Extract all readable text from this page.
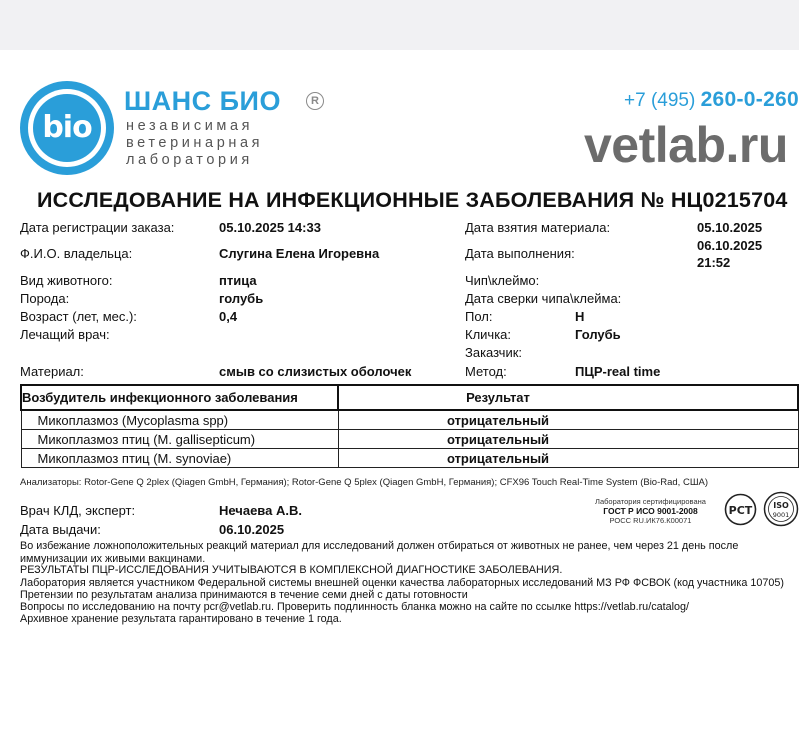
bio
ШАНС БИО	R
независимая
ветеринарная
лаборатория
+7 (495) 260-0-260
vetlab.ru
ИССЛЕДОВАНИЕ НА ИНФЕКЦИОННЫЕ ЗАБОЛЕВАНИЯ № НЦ0215704
Дата регистрации заказа:	05.10.2025 14:33
Ф.И.О. владельца:	Слугина Елена Игоревна
Вид животного:	птица
Порода:	голубь
Возраст (лет, мес.):	0,4
Лечащий врач:
Материал:	смыв со слизистых оболочек
Дата взятия материала:	05.10.2025
Дата выполнения:
06.10.2025
21:52
Чип\клеймо:
Дата сверки чипа\клейма:
Пол:	Н
Кличка:	Голубь
Заказчик:
Метод:	ПЦР-real time
Возбудитель инфекционного заболевания	Результат
Микоплазмоз (Mycoplasma spp)	отрицательный
Микоплазмоз птиц (M. gallisepticum)	отрицательный
Микоплазмоз птиц (M. synoviae)	отрицательный
Анализаторы: Rotor-Gene Q 2plex (Qiagen GmbH, Германия); Rotor-Gene Q 5plex (Qiagen GmbH, Германия); CFX96 Touch Real-Time System (Bio-Rad, США)
Врач КЛД, эксперт:	Нечаева А.В.
Дата выдачи:	06.10.2025
Лаборатория сертифицирована
ГОСТ Р ИСО 9001-2008
РОСС RU.ИК76.К00071
РСТ	ISO
9001
Во избежание ложноположительных реакций материал для исследований должен отбираться от животных не ранее, чем через 21 день после
иммунизации их живыми вакцинами.
РЕЗУЛЬТАТЫ ПЦР-ИССЛЕДОВАНИЯ УЧИТЫВАЮТСЯ В КОМПЛЕКСНОЙ ДИАГНОСТИКЕ ЗАБОЛЕВАНИЯ.
Лаборатория является участником Федеральной системы внешней оценки качества лабораторных исследований МЗ РФ ФСВОК (код участника 10705)
Претензии по результатам анализа принимаются в течение семи дней с даты готовности
Вопросы по исследованию на почту pcr@vetlab.ru. Проверить подлинность бланка можно на сайте по ссылке https://vetlab.ru/catalog/
Архивное хранение результата гарантировано в течение 1 года.
